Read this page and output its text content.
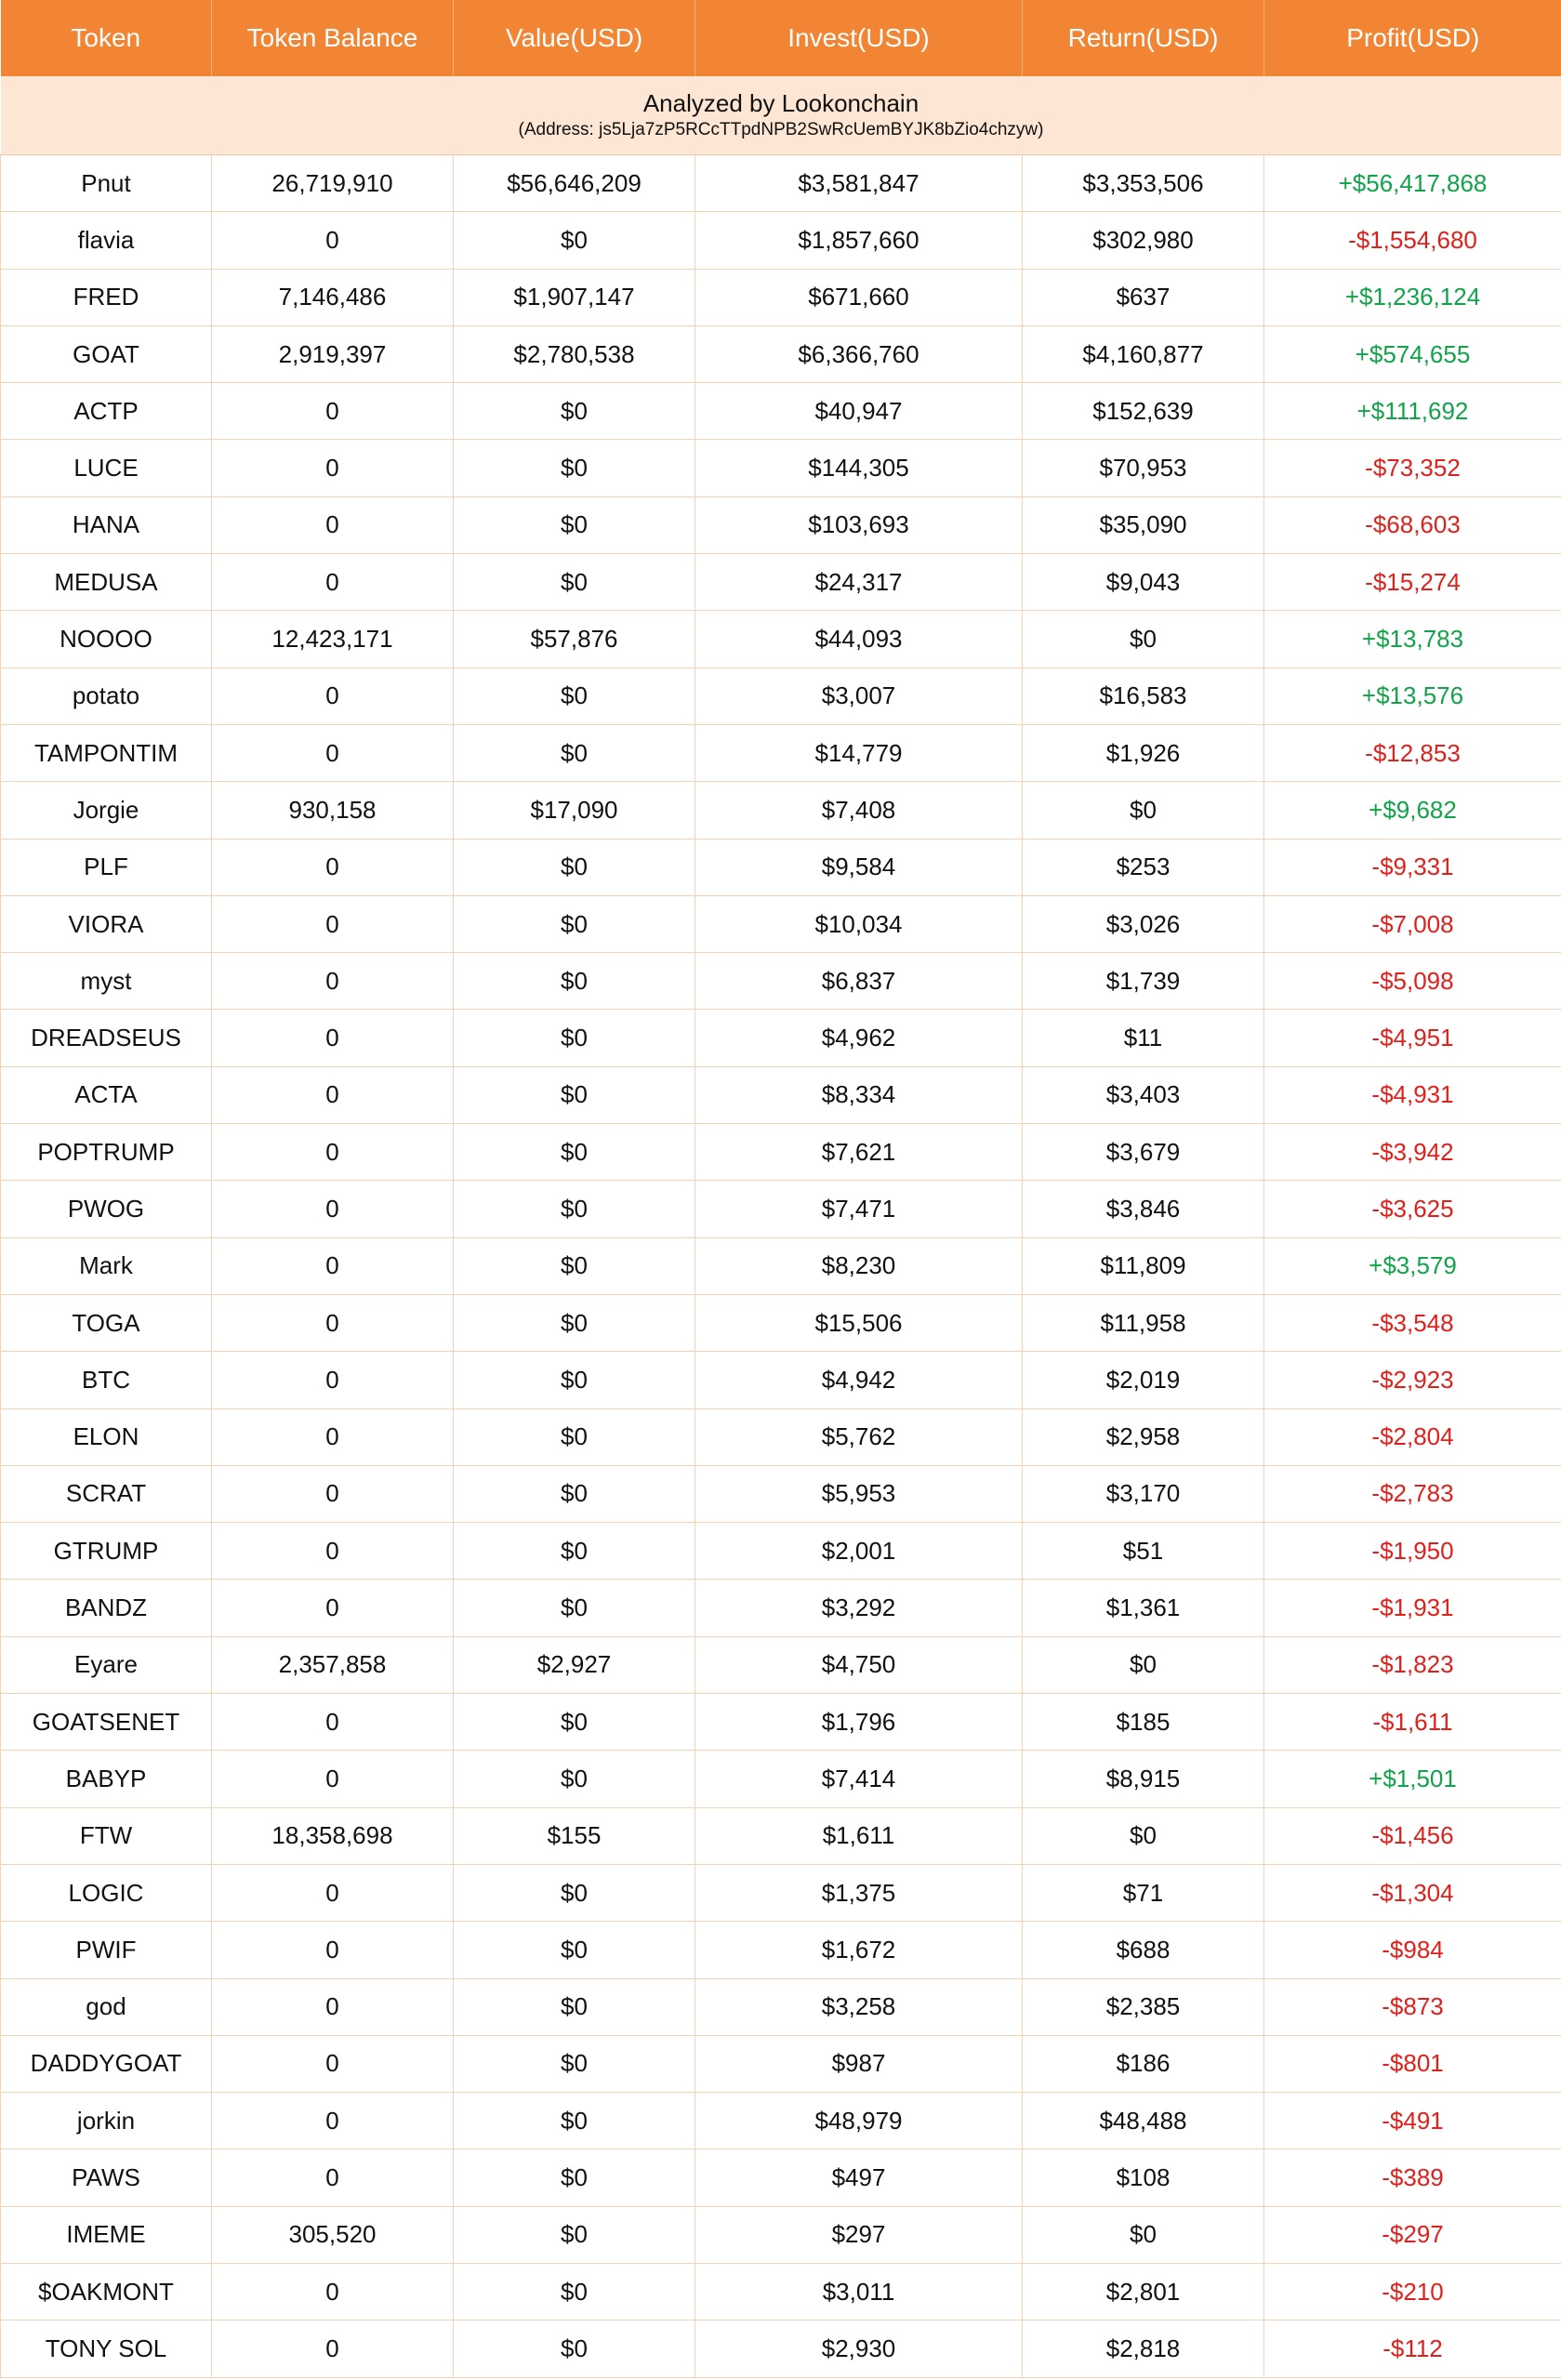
Token	Token Balance	Value(USD)	Invest(USD)	Return(USD)	Profit(USD)

Analyzed by Lookonchain
(Address: js5Lja7zP5RCcTTpdNPB2SwRcUemBYJK8bZio4chzyw)					

Pnut	26,719,910	$56,646,209	$3,581,847	$3,353,506	+$56,417,868
flavia	0	$0	$1,857,660	$302,980	-$1,554,680
FRED	7,146,486	$1,907,147	$671,660	$637	+$1,236,124
GOAT	2,919,397	$2,780,538	$6,366,760	$4,160,877	+$574,655
ACTP	0	$0	$40,947	$152,639	+$111,692
LUCE	0	$0	$144,305	$70,953	-$73,352
HANA	0	$0	$103,693	$35,090	-$68,603
MEDUSA	0	$0	$24,317	$9,043	-$15,274
NOOOO	12,423,171	$57,876	$44,093	$0	+$13,783
potato	0	$0	$3,007	$16,583	+$13,576
TAMPONTIM	0	$0	$14,779	$1,926	-$12,853
Jorgie	930,158	$17,090	$7,408	$0	+$9,682
PLF	0	$0	$9,584	$253	-$9,331
VIORA	0	$0	$10,034	$3,026	-$7,008
myst	0	$0	$6,837	$1,739	-$5,098
DREADSEUS	0	$0	$4,962	$11	-$4,951
ACTA	0	$0	$8,334	$3,403	-$4,931
POPTRUMP	0	$0	$7,621	$3,679	-$3,942
PWOG	0	$0	$7,471	$3,846	-$3,625
Mark	0	$0	$8,230	$11,809	+$3,579
TOGA	0	$0	$15,506	$11,958	-$3,548
BTC	0	$0	$4,942	$2,019	-$2,923
ELON	0	$0	$5,762	$2,958	-$2,804
SCRAT	0	$0	$5,953	$3,170	-$2,783
GTRUMP	0	$0	$2,001	$51	-$1,950
BANDZ	0	$0	$3,292	$1,361	-$1,931
Eyare	2,357,858	$2,927	$4,750	$0	-$1,823
GOATSENET	0	$0	$1,796	$185	-$1,611
BABYP	0	$0	$7,414	$8,915	+$1,501
FTW	18,358,698	$155	$1,611	$0	-$1,456
LOGIC	0	$0	$1,375	$71	-$1,304
PWIF	0	$0	$1,672	$688	-$984
god	0	$0	$3,258	$2,385	-$873
DADDYGOAT	0	$0	$987	$186	-$801
jorkin	0	$0	$48,979	$48,488	-$491
PAWS	0	$0	$497	$108	-$389
IMEME	305,520	$0	$297	$0	-$297
$OAKMONT	0	$0	$3,011	$2,801	-$210
TONY SOL	0	$0	$2,930	$2,818	-$112
